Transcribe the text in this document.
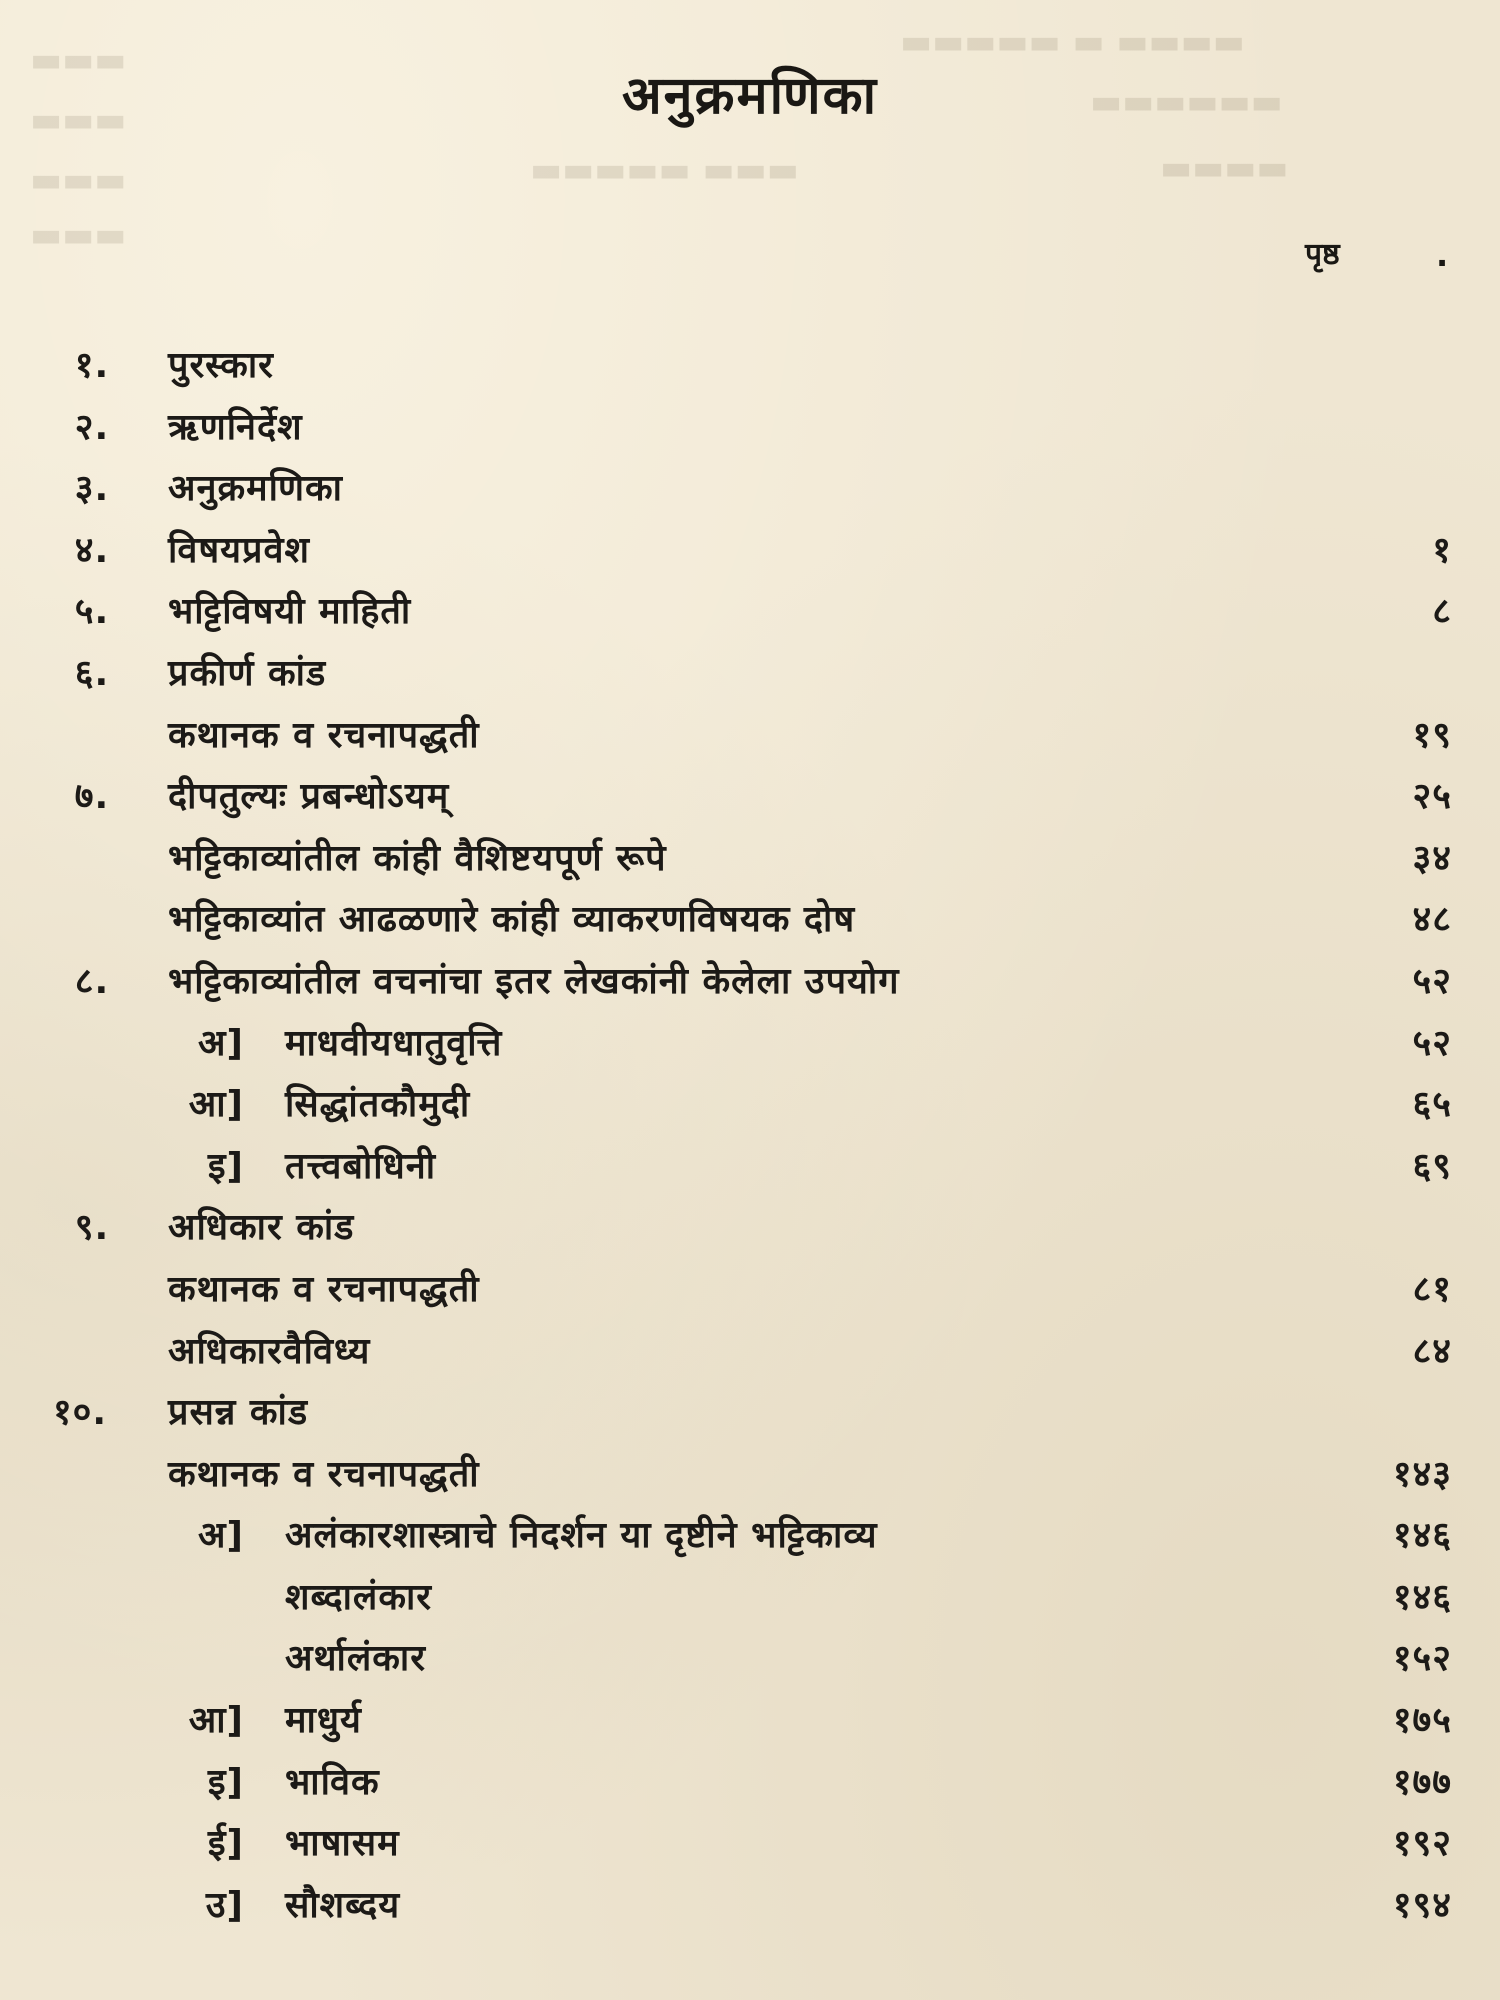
▬▬▬▬▬ ▬ ▬▬▬▬
▬▬▬▬▬▬
▬▬▬▬▬ ▬▬▬	▬▬▬▬
▬▬▬
▬▬▬
▬▬▬
▬▬▬
अनुक्रमणिका
पृष्ठ	.
१.	पुरस्कार
२.	ऋणनिर्देश
३.	अनुक्रमणिका
४.	विषयप्रवेश	१
५.	भट्टिविषयी माहिती	८
६.	प्रकीर्ण कांड
कथानक व रचनापद्धती	१९
७.	दीपतुल्यः प्रबन्धोऽयम्	२५
भट्टिकाव्यांतील कांही वैशिष्टयपूर्ण रूपे	३४
भट्टिकाव्यांत आढळणारे कांही व्याकरणविषयक दोष	४८
८.	भट्टिकाव्यांतील वचनांचा इतर लेखकांनी केलेला उपयोग	५२
अ] माधवीयधातुवृत्ति	५२
आ] सिद्धांतकौमुदी	६५
इ] तत्त्वबोधिनी	६९
९.	अधिकार कांड
कथानक व रचनापद्धती	८१
अधिकारवैविध्य	८४
१०.	प्रसन्न कांड
कथानक व रचनापद्धती	१४३
अ] अलंकारशास्त्राचे निदर्शन या दृष्टीने भट्टिकाव्य	१४६
शब्दालंकार	१४६
अर्थालंकार	१५२
आ] माधुर्य	१७५
इ] भाविक	१७७
ई] भाषासम	१९२
उ] सौशब्दय	१९४
